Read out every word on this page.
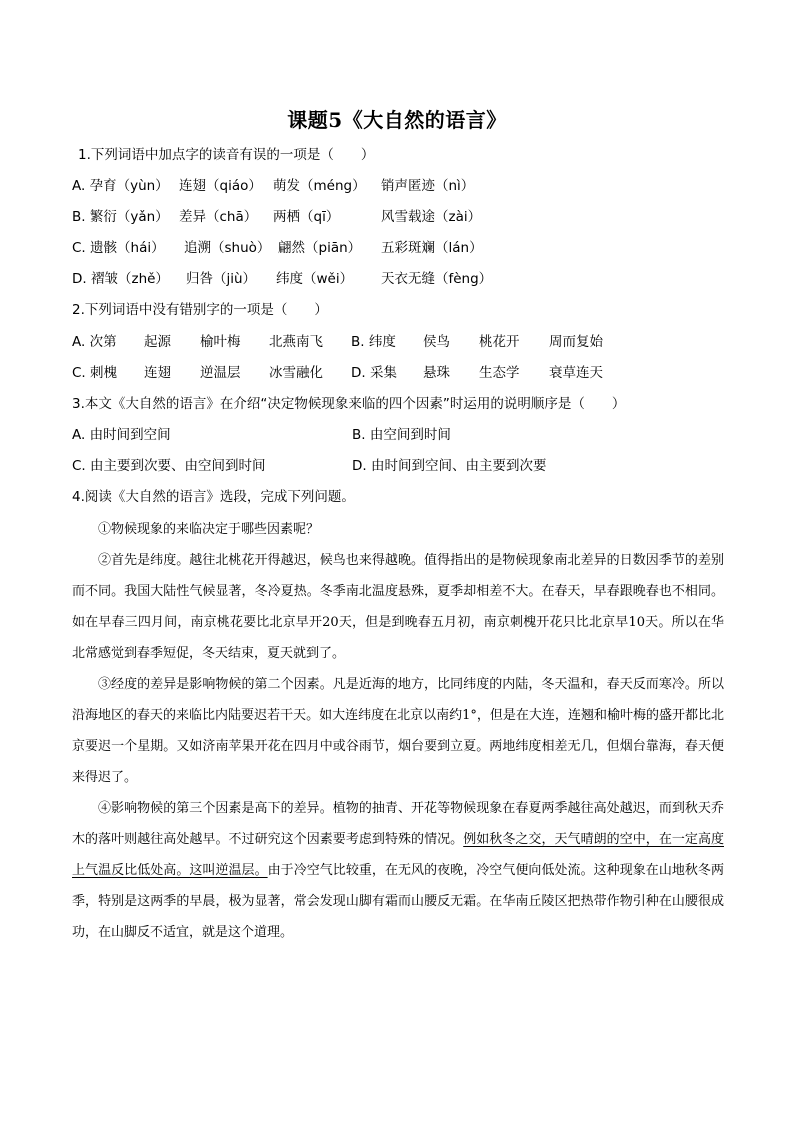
课题5《大自然的语言》
1.下列词语中加点字的读音有误的一项是（　　）
A. 孕育（yùn） 连翅（qiáo） 萌发（méng） 销声匿迹（nì）
B. 繁衍（yǎn） 差异（chā） 两栖（qī）	风雪载途（zài）
C. 遗骸（hái） 追溯（shuò） 翩然（piān） 五彩斑斓（lán）
D. 褶皱（zhě） 归咎（jiù） 纬度（wěi） 天衣无缝（fèng）
2.下列词语中没有错别字的一项是（　　）
A. 次第 起源 榆叶梅 北燕南飞 B. 纬度 侯鸟 桃花开 周而复始
C. 刺槐 连翅 逆温层 冰雪融化 D. 采集 悬珠 生态学 衰草连天
3.本文《大自然的语言》在介绍“决定物候现象来临的四个因素”时运用的说明顺序是（　　）
A. 由时间到空间	B. 由空间到时间
C. 由主要到次要、由空间到时间	D. 由时间到空间、由主要到次要
4.阅读《大自然的语言》选段，完成下列问题。

①物候现象的来临决定于哪些因素呢？

②首先是纬度。越往北桃花开得越迟，候鸟也来得越晚。值得指出的是物候现象南北差异的日数因季节的差别而不同。我国大陆性气候显著，冬冷夏热。冬季南北温度悬殊，夏季却相差不大。在春天，早春跟晚春也不相同。如在早春三四月间，南京桃花要比北京早开20天，但是到晚春五月初，南京刺槐开花只比北京早10天。所以在华北常感觉到春季短促，冬天结束，夏天就到了。

③经度的差异是影响物候的第二个因素。凡是近海的地方，比同纬度的内陆，冬天温和，春天反而寒冷。所以沿海地区的春天的来临比内陆要迟若干天。如大连纬度在北京以南约1°，但是在大连，连翘和榆叶梅的盛开都比北京要迟一个星期。又如济南苹果开花在四月中或谷雨节，烟台要到立夏。两地纬度相差无几，但烟台靠海，春天便来得迟了。

④影响物候的第三个因素是高下的差异。植物的抽青、开花等物候现象在春夏两季越往高处越迟，而到秋天乔木的落叶则越往高处越早。不过研究这个因素要考虑到特殊的情况。例如秋冬之交，天气晴朗的空中，在一定高度上气温反比低处高。这叫逆温层。由于冷空气比较重，在无风的夜晚，冷空气便向低处流。这种现象在山地秋冬两季，特别是这两季的早晨，极为显著，常会发现山脚有霜而山腰反无霜。在华南丘陵区把热带作物引种在山腰很成功，在山脚反不适宜，就是这个道理。
